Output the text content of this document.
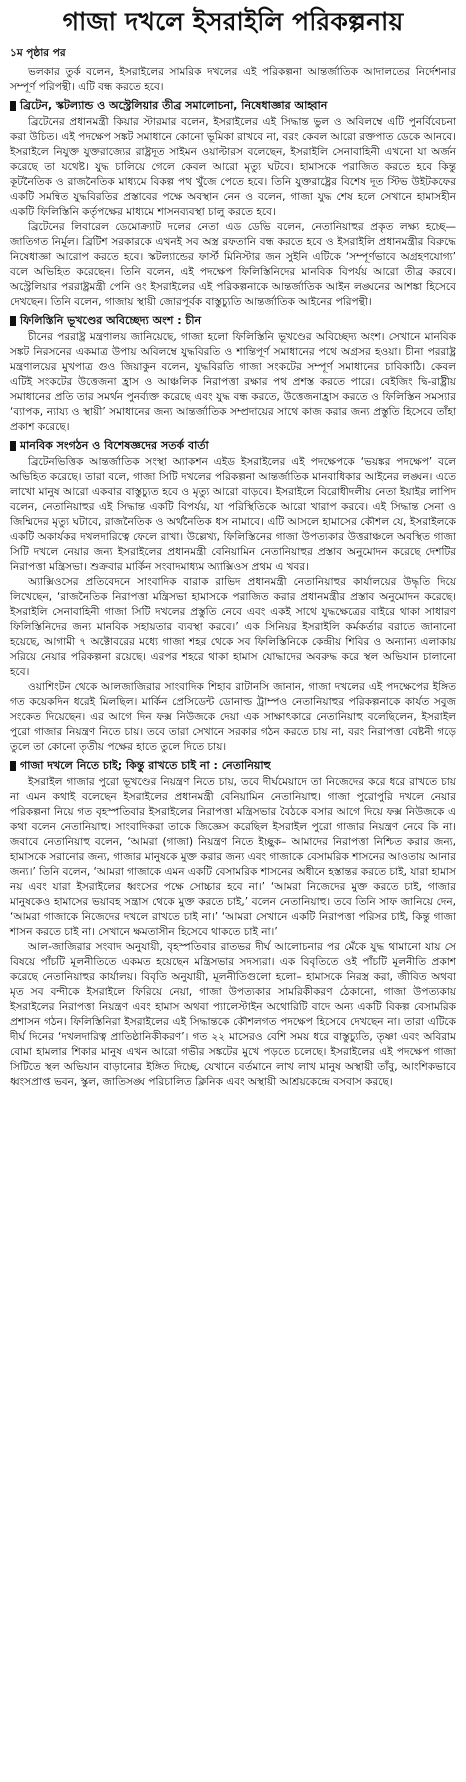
গাজা দখলে ইসরাইলি পরিকল্পনায়
১ম পৃষ্ঠার পর

ভলকার তুর্ক বলেন, ইসরাইলের সামরিক দখলের এই পরিকল্পনা আন্তর্জাতিক আদালতের নির্দেশনার সম্পূর্ণ পরিপন্থী। এটি বন্ধ করতে হবে।

ব্রিটেন, স্কটল্যান্ড ও অস্ট্রেলিয়ার তীব্র সমালোচনা, নিষেধাজ্ঞার আহ্বান

ব্রিটেনের প্রধানমন্ত্রী কিয়ার স্টারমার বলেন, ইসরাইলের এই সিদ্ধান্ত ভুল ও অবিলম্বে এটি পুনর্বিবেচনা করা উচিত। এই পদক্ষেপ সঙ্কট সমাধানে কোনো ভূমিকা রাখবে না, বরং কেবল আরো রক্তপাত ডেকে আনবে। ইসরাইলে নিযুক্ত যুক্তরাজ্যের রাষ্ট্রদূত সাইমন ওয়াল্টারস বলেছেন, ইসরাইলি সেনাবাহিনী এখনো যা অর্জন করেছে তা যথেষ্ট। যুদ্ধ চালিয়ে গেলে কেবল আরো মৃত্যু ঘটবে। হামাসকে পরাজিত করতে হবে কিন্তু কূটনৈতিক ও রাজনৈতিক মাধ্যমে বিকল্প পথ খুঁজে পেতে হবে। তিনি যুক্তরাষ্ট্রের বিশেষ দূত স্টিভ উইটকফের একটি সমন্বিত যুদ্ধবিরতির প্রস্তাবের পক্ষে অবস্থান নেন ও বলেন, গাজা যুদ্ধ শেষ হলে সেখানে হামাসহীন একটি ফিলিস্তিনি কর্তৃপক্ষের মাধ্যমে শাসনব্যবস্থা চালু করতে হবে।

ব্রিটেনের লিবারেল ডেমোক্র্যাট দলের নেতা এড ডেভি বলেন, নেতানিয়াহুর প্রকৃত লক্ষ্য হচ্ছে—জাতিগত নির্মূল। ব্রিটিশ সরকারকে এখনই সব অস্ত্র রফতানি বন্ধ করতে হবে ও ইসরাইলি প্রধানমন্ত্রীর বিরুদ্ধে নিষেধাজ্ঞা আরোপ করতে হবে। স্কটল্যান্ডের ফার্স্ট মিনিস্টার জন সুইনি এটিকে ‘সম্পূর্ণভাবে অগ্রহণযোগ্য’ বলে অভিহিত করেছেন। তিনি বলেন, এই পদক্ষেপ ফিলিস্তিনিদের মানবিক বিপর্যয় আরো তীব্র করবে। অস্ট্রেলিয়ার পররাষ্ট্রমন্ত্রী পেনি ওং ইসরাইলের এই পরিকল্পনাকে আন্তর্জাতিক আইন লঙ্ঘনের আশঙ্কা হিসেবে দেখছেন। তিনি বলেন, গাজায় স্থায়ী জোরপূর্বক বাস্তুচ্যুতি আন্তর্জাতিক আইনের পরিপন্থী।

ফিলিস্তিনি ভূখণ্ডের অবিচ্ছেদ্য অংশ : চীন

চীনের পররাষ্ট্র মন্ত্রণালয় জানিয়েছে, গাজা হলো ফিলিস্তিনি ভূখণ্ডের অবিচ্ছেদ্য অংশ। সেখানে মানবিক সঙ্কট নিরসনের একমাত্র উপায় অবিলম্বে যুদ্ধবিরতি ও শান্তিপূর্ণ সমাধানের পথে অগ্রসর হওয়া। চীনা পররাষ্ট্র মন্ত্রণালয়ের মুখপাত্র গুও জিয়াকুন বলেন, যুদ্ধবিরতি গাজা সংকটের সম্পূর্ণ সমাধানের চাবিকাঠি। কেবল এটিই সংকটের উত্তেজনা হ্রাস ও আঞ্চলিক নিরাপত্তা রক্ষার পথ প্রশস্ত করতে পারে। বেইজিং দ্বি-রাষ্ট্রীয় সমাধানের প্রতি তার সমর্থন পুনর্ব্যক্ত করেছে এবং যুদ্ধ বন্ধ করতে, উত্তেজনাহ্রাস করতে ও ফিলিস্তিন সমস্যার ‘ব্যাপক, ন্যায্য ও স্থায়ী’ সমাধানের জন্য আন্তর্জাতিক সম্প্রদায়ের সাথে কাজ করার জন্য প্রস্তুতি হিসেবে তাঁহা প্রকাশ করেছে।

মানবিক সংগঠন ও বিশেষজ্ঞদের সতর্ক বার্তা

ব্রিটেনভিত্তিক আন্তর্জাতিক সংস্থা অ্যাকশন এইড ইসরাইলের এই পদক্ষেপকে ‘ভয়ঙ্কর পদক্ষেপ’ বলে অভিহিত করেছে। তারা বলে, গাজা সিটি দখলের পরিকল্পনা আন্তর্জাতিক মানবাধিকার আইনের লঙ্ঘন। এতে লাখো মানুষ আরো একবার বাস্তুচ্যুত হবে ও মৃত্যু আরো বাড়বে। ইসরাইলে বিরোধীদলীয় নেতা ইয়াইর লাপিদ বলেন, নেতানিয়াহুর এই সিদ্ধান্ত একটি বিপর্যয়, যা পরিস্থিতিকে আরো খারাপ করবে। এই সিদ্ধান্ত সেনা ও জিম্মিদের মৃত্যু ঘটাবে, রাজনৈতিক ও অর্থনৈতিক ধস নামাবে। এটি আসলে হামাসের কৌশল যে, ইসরাইলকে একটি অকার্যকর দখলদারিত্বে ফেলে রাখা। উল্লেখ্য, ফিলিস্তিনের গাজা উপত্যকার উত্তরাঞ্চলে অবস্থিত গাজা সিটি দখলে নেয়ার জন্য ইসরাইলের প্রধানমন্ত্রী বেনিয়ামিন নেতানিয়াহুর প্রস্তাব অনুমোদন করেছে দেশটির নিরাপত্তা মন্ত্রিসভা। শুক্রবার মার্কিন সংবাদমাধ্যম অ্যাক্সিওস প্রথম এ খবর।

অ্যাক্সিওসের প্রতিবেদনে সাংবাদিক বারাক রাভিদ প্রধানমন্ত্রী নেতানিয়াহুর কার্যালয়ের উদ্ধৃতি দিয়ে লিখেছেন, ‘রাজনৈতিক নিরাপত্তা মন্ত্রিসভা হামাসকে পরাজিত করার প্রধানমন্ত্রীর প্রস্তাব অনুমোদন করেছে। ইসরাইলি সেনাবাহিনী গাজা সিটি দখলের প্রস্তুতি নেবে এবং একই সাথে যুদ্ধক্ষেত্রের বাইরে থাকা সাধারণ ফিলিস্তিনিদের জন্য মানবিক সহায়তার ব্যবস্থা করবে।’ এক সিনিয়র ইসরাইলি কর্মকর্তার বরাতে জানানো হয়েছে, আগামী ৭ অক্টোবরের মধ্যে গাজা শহর থেকে সব ফিলিস্তিনিকে কেন্দ্রীয় শিবির ও অন্যান্য এলাকায় সরিয়ে নেয়ার পরিকল্পনা রয়েছে। এরপর শহরে থাকা হামাস যোদ্ধাদের অবরুদ্ধ করে স্থল অভিযান চালানো হবে।

ওয়াশিংটন থেকে আলজাজিরার সাংবাদিক শিহাব রাটানসি জানান, গাজা দখলের এই পদক্ষেপের ইঙ্গিত গত কয়েকদিন ধরেই মিলছিল। মার্কিন প্রেসিডেন্ট ডোনাল্ড ট্রাম্পও নেতানিয়াহুর পরিকল্পনাকে কার্যত সবুজ সংকেত দিয়েছেন। এর আগে দিন ফক্স নিউজকে দেয়া এক সাক্ষাৎকারে নেতানিয়াহু বলেছিলেন, ইসরাইল পুরো গাজার নিয়ন্ত্রণ নিতে চায়। তবে তারা সেখানে সরকার গঠন করতে চায় না, বরং নিরাপত্তা বেষ্টনী গড়ে তুলে তা কোনো তৃতীয় পক্ষের হাতে তুলে দিতে চায়।

গাজা দখলে নিতে চাই; কিন্তু রাখতে চাই না : নেতানিয়াহু

ইসরাইল গাজার পুরো ভূখণ্ডের নিয়ন্ত্রণ নিতে চায়, তবে দীর্ঘমেয়াদে তা নিজেদের করে ধরে রাখতে চায় না এমন কথাই বলেছেন ইসরাইলের প্রধানমন্ত্রী বেনিয়ামিন নেতানিয়াহু। গাজা পুরোপুরি দখলে নেয়ার পরিকল্পনা নিয়ে গত বৃহস্পতিবার ইসরাইলের নিরাপত্তা মন্ত্রিসভার বৈঠকে বসার আগে দিয়ে ফক্স নিউজকে এ কথা বলেন নেতানিয়াহু। সাংবাদিকরা তাকে জিজ্ঞেস করেছিল ইসরাইল পুরো গাজার নিয়ন্ত্রণ নেবে কি না। জবাবে নেতানিয়াহু বলেন, ‘আমরা (গাজা) নিয়ন্ত্রণ নিতে ইচ্ছুক– আমাদের নিরাপত্তা নিশ্চিত করার জন্য, হামাসকে সরানোর জন্য, গাজার মানুষকে মুক্ত করার জন্য এবং গাজাকে বেসামরিক শাসনের আওতায় আনার জন্য।’ তিনি বলেন, ‘আমরা গাজাকে এমন একটি বেসামরিক শাসনের অধীনে হস্তান্তর করতে চাই, যারা হামাস নয় এবং যারা ইসরাইলের ধ্বংসের পক্ষে সোচ্চার হবে না।’ ‘আমরা নিজেদের মুক্ত করতে চাই, গাজার মানুষকেও হামাসের ভয়াবহ সন্ত্রাস থেকে মুক্ত করতে চাই,’ বলেন নেতানিয়াহু। তবে তিনি সাফ জানিয়ে দেন, ‘আমরা গাজাকে নিজেদের দখলে রাখতে চাই না।’ ‘আমরা সেখানে একটি নিরাপত্তা পরিসর চাই, কিন্তু গাজা শাসন করতে চাই না। সেখানে ক্ষমতাসীন হিসেবে থাকতে চাই না।’

আল-জাজিরার সংবাদ অনুযায়ী, বৃহস্পতিবার রাতভর দীর্ঘ আলোচনার পর মেঁকে যুদ্ধ থামানো যায় সে বিষয়ে পাঁচটি মূলনীতিতে একমত হয়েছেন মন্ত্রিসভার সদস্যরা। এক বিবৃতিতে ওই পাঁচটি মূলনীতি প্রকাশ করেছে নেতানিয়াহুর কার্যালয়। বিবৃতি অনুযায়ী, মূলনীতিগুলো হলো– হামাসকে নিরস্ত্র করা, জীবিত অথবা মৃত সব বন্দীকে ইসরাইলে ফিরিয়ে নেয়া, গাজা উপত্যকার সামরিকীকরণ ঠেকানো, গাজা উপত্যকায় ইসরাইলের নিরাপত্তা নিয়ন্ত্রণ এবং হামাস অথবা প্যালেস্টাইন অথোরিটি বাদে অন্য একটি বিকল্প বেসামরিক প্রশাসন গঠন। ফিলিস্তিনিরা ইসরাইলের এই সিদ্ধান্তকে কৌশলগত পদক্ষেপ হিসেবে দেখছেন না। তারা এটিকে দীর্ঘ দিনের ‘দখলদারিত্ব প্রাতিষ্ঠানিকীকরণ’। গত ২২ মাসেরও বেশি সময় ধরে বাস্তুচ্যুতি, তৃষ্ণা এবং অবিরাম বোমা হামলার শিকার মানুষ এখন আরো গভীর সঙ্কটের মুখে পড়তে চলেছে। ইসরাইলের এই পদক্ষেপ গাজা সিটিতে স্থল অভিযান বাড়ানোর ইঙ্গিত দিচ্ছে, যেখানে বর্তমানে লাখ লাখ মানুষ অস্থায়ী তাঁবু, আংশিকভাবে ধ্বংসপ্রাপ্ত ভবন, স্কুল, জাতিসঙ্ঘ পরিচালিত ক্লিনিক এবং অস্থায়ী আশ্রয়কেন্দ্রে বসবাস করছে।
